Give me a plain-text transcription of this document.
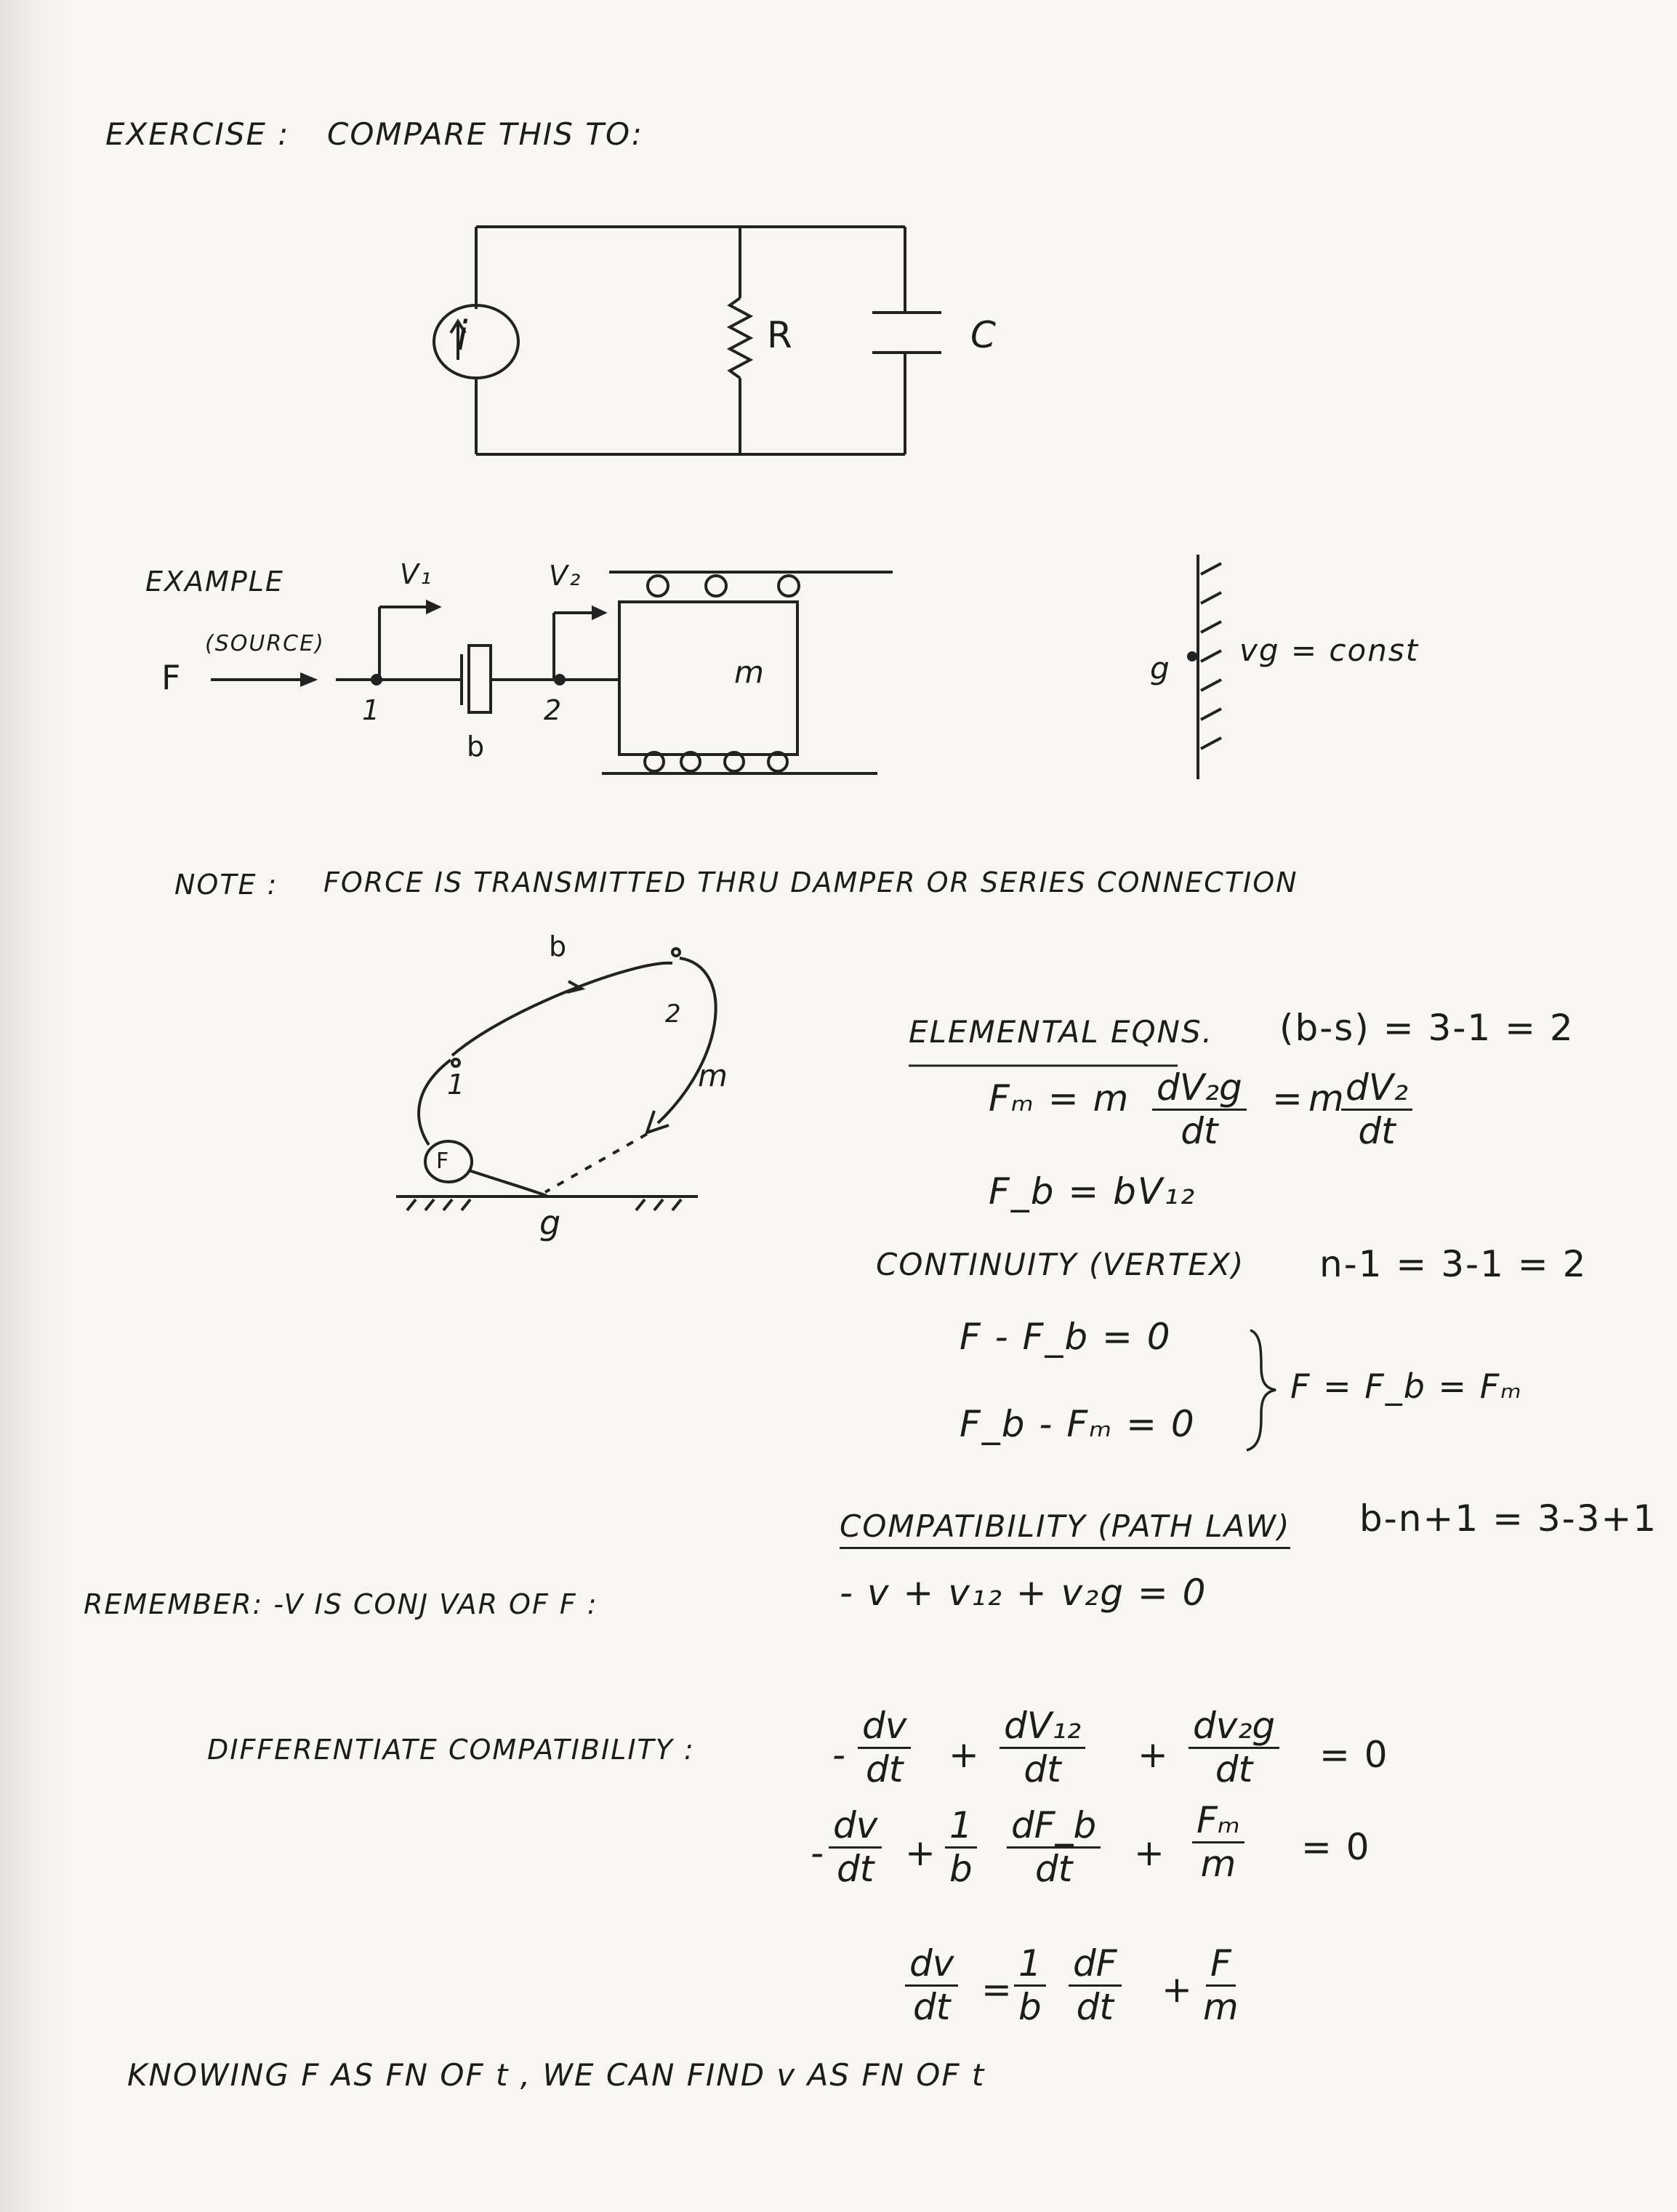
EXERCISE : COMPARE THIS TO:
i	R	C
EXAMPLE
F
(SOURCE)
V₁	V₂
1	2
b
m	g
ᴠg = const
NOTE : FORCE IS TRANSMITTED THRU DAMPER OR SERIES CONNECTION
b
2
1	m
F
g
ELEMENTAL EQNS. (b-s) = 3-1 = 2
Fₘ = m $\frac{\text{dV₂g}}{dt} = m$
$\frac{\text{dV₂}}{dt}$
F_b = bV₁₂
CONTINUITY (VERTEX) n-1 = 3-1 = 2
F - F_b = 0
F_b - Fₘ = 0
F = F_b = Fₘ
COMPATIBILITY (PATH LAW) b-n+1 = 3-3+1
- ᴠ + ᴠ₁₂ + ᴠ₂g = 0
REMEMBER: -V IS CONJ VAR OF F :
DIFFERENTIATE COMPATIBILITY :	- $\frac{\text{dᴠ}}{dt} + \frac{\text{dV₁₂}}{dt} + \frac{\text{dᴠ₂g}}{dt} = 0$
- $\frac{\text{dᴠ}}{dt} + \frac{1}{b} \frac{dF\_b}{dt} + \frac{\text{Fₘ}}{m} = 0$
$\frac{\text{dᴠ}}{dt} = \frac{1}{b} \frac{dF}{dt} + \frac{F}{m}$
KNOWING F AS FN OF t , WE CAN FIND ᴠ AS FN OF t
